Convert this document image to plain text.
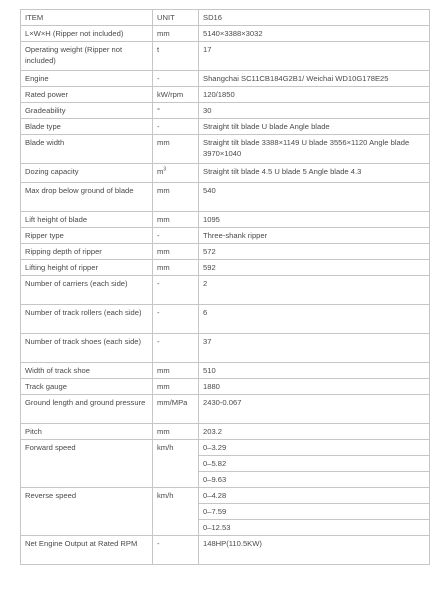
ITEM	UNIT	SD16
L×W×H (Ripper not included)	mm	5140×3388×3032
Operating weight (Ripper not included)	t	17
Engine	-	Shangchai SC11CB184G2B1/ Weichai WD10G178E25
Rated power	kW/rpm	120/1850
Gradeability	°	30
Blade type	-	Straight tilt blade U blade Angle blade
Blade width	mm	Straight tilt blade 3388×1149 U blade 3556×1120 Angle blade 3970×1040
Dozing capacity	$m^3$	Straight tilt blade 4.5 U blade 5 Angle blade 4.3
Max drop below ground of blade	mm	540
Lift height of blade	mm	1095
Ripper type	-	Three-shank ripper
Ripping depth of ripper	mm	572
Lifting height of ripper	mm	592
Number of carriers (each side)	-	2
Number of track rollers (each side)	-	6
Number of track shoes (each side)	-	37
Width of track shoe	mm	510
Track gauge	mm	1880
Ground length and ground pressure	mm/MPa	2430-0.067
Pitch	mm	203.2
Forward speed	km/h	0–3.29
		0–5.82
		0–9.63
Reverse speed	km/h	0–4.28
		0–7.59
		0–12.53
Net Engine Output at Rated RPM	-	148HP(110.5KW)
